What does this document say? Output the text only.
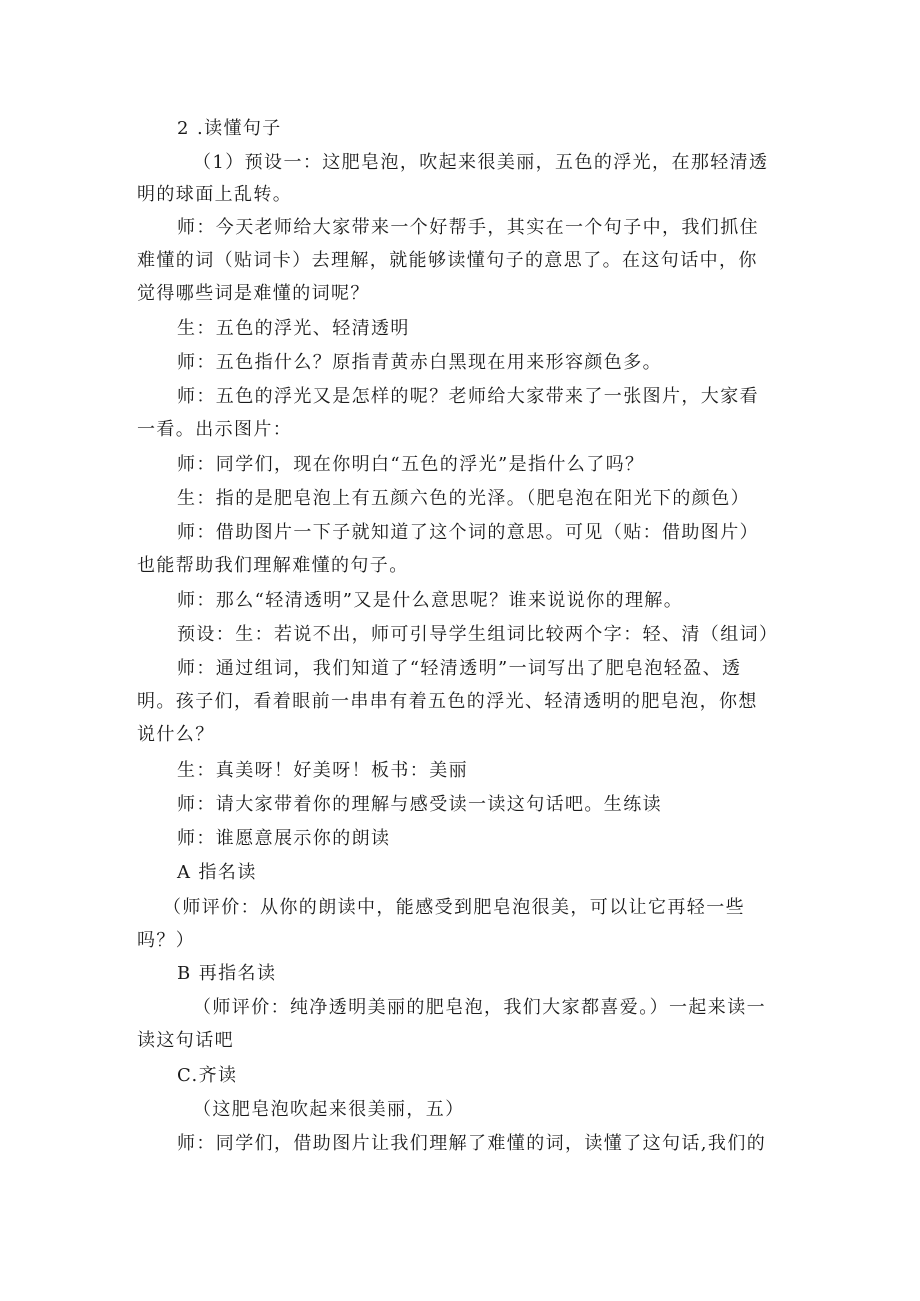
2 .读懂句子
（1）预设一：这肥皂泡，吹起来很美丽，五色的浮光，在那轻清透
明的球面上乱转。
师：今天老师给大家带来一个好帮手，其实在一个句子中，我们抓住
难懂的词（贴词卡）去理解，就能够读懂句子的意思了。在这句话中，你
觉得哪些词是难懂的词呢？
生：五色的浮光、轻清透明
师：五色指什么？原指青黄赤白黑现在用来形容颜色多。
师：五色的浮光又是怎样的呢？老师给大家带来了一张图片，大家看
一看。出示图片：
师：同学们，现在你明白“五色的浮光”是指什么了吗？
生：指的是肥皂泡上有五颜六色的光泽。（肥皂泡在阳光下的颜色）
师：借助图片一下子就知道了这个词的意思。可见（贴：借助图片）
也能帮助我们理解难懂的句子。
师：那么“轻清透明”又是什么意思呢？谁来说说你的理解。
预设：生：若说不出，师可引导学生组词比较两个字：轻、清（组词）
师：通过组词，我们知道了“轻清透明”一词写出了肥皂泡轻盈、透
明。孩子们，看着眼前一串串有着五色的浮光、轻清透明的肥皂泡，你想
说什么？
生：真美呀！好美呀！板书：美丽
师：请大家带着你的理解与感受读一读这句话吧。生练读
师：谁愿意展示你的朗读
A 指名读
（师评价：从你的朗读中，能感受到肥皂泡很美，可以让它再轻一些
吗？）
B 再指名读
（师评价：纯净透明美丽的肥皂泡，我们大家都喜爱。）一起来读一
读这句话吧
C.齐读
（这肥皂泡吹起来很美丽，五）
师：同学们，借助图片让我们理解了难懂的词，读懂了这句话,我们的
